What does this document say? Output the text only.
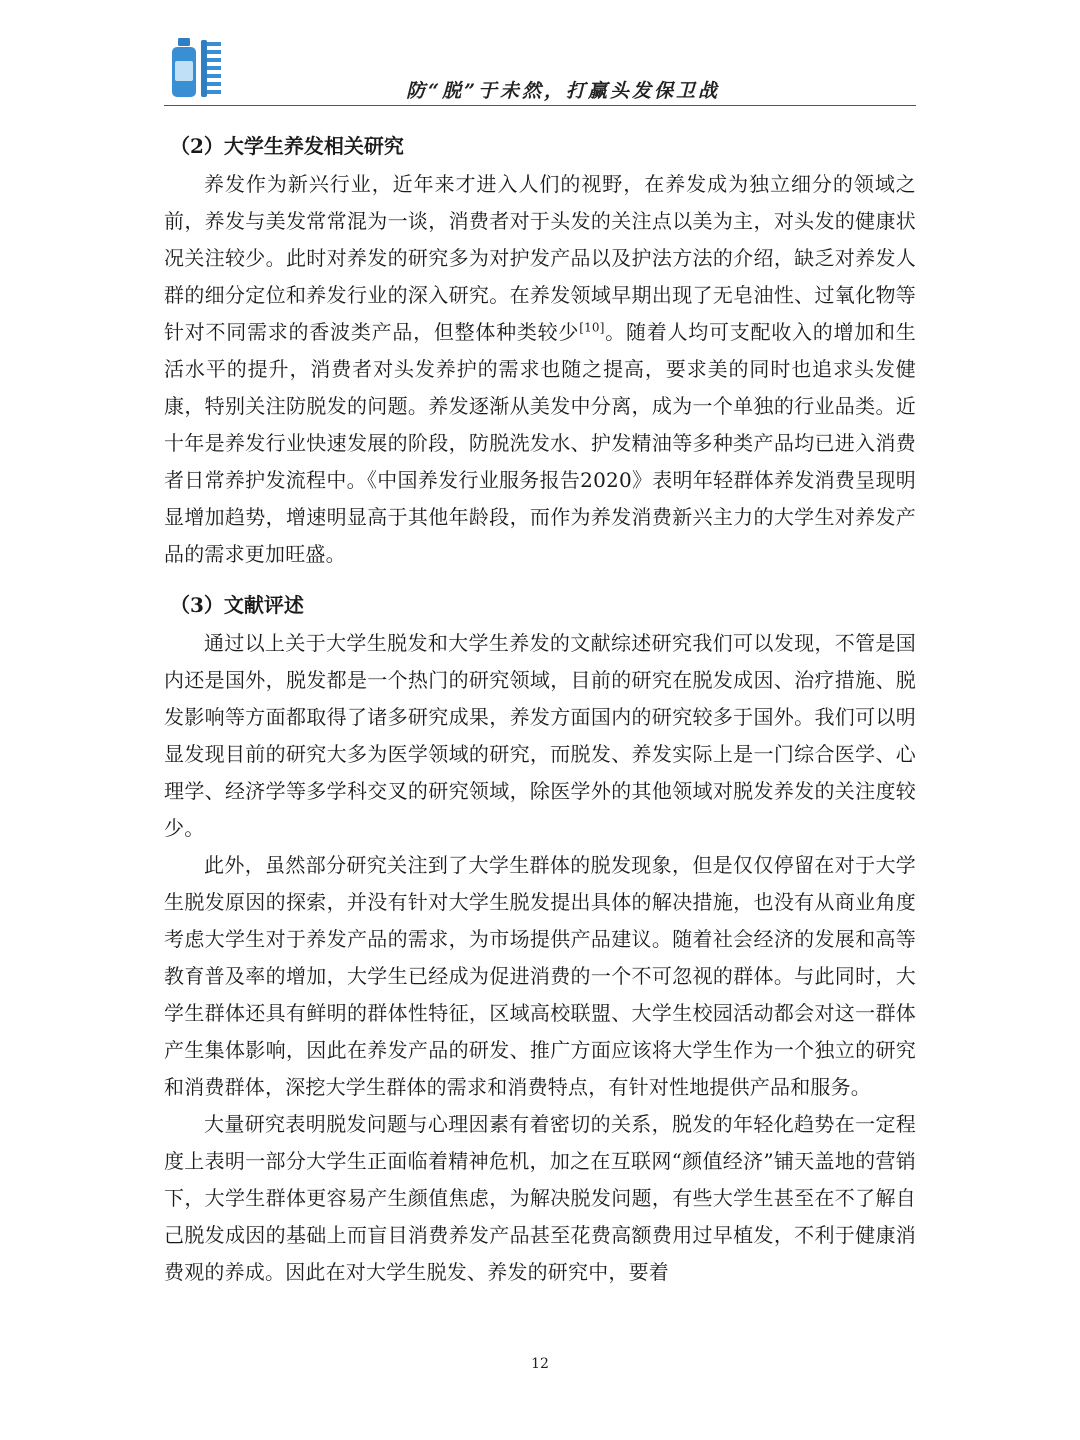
防“脱”于未然，打赢头发保卫战
（2）大学生养发相关研究

养发作为新兴行业，近年来才进入人们的视野，在养发成为独立细分的领域之前，养发与美发常常混为一谈，消费者对于头发的关注点以美为主，对头发的健康状况关注较少。此时对养发的研究多为对护发产品以及护法方法的介绍，缺乏对养发人群的细分定位和养发行业的深入研究。在养发领域早期出现了无皂油性、过氧化物等针对不同需求的香波类产品，但整体种类较少[10]。随着人均可支配收入的增加和生活水平的提升，消费者对头发养护的需求也随之提高，要求美的同时也追求头发健康，特别关注防脱发的问题。养发逐渐从美发中分离，成为一个单独的行业品类。近十年是养发行业快速发展的阶段，防脱洗发水、护发精油等多种类产品均已进入消费者日常养护发流程中。《中国养发行业服务报告2020》表明年轻群体养发消费呈现明显增加趋势，增速明显高于其他年龄段，而作为养发消费新兴主力的大学生对养发产品的需求更加旺盛。

（3）文献评述

通过以上关于大学生脱发和大学生养发的文献综述研究我们可以发现，不管是国内还是国外，脱发都是一个热门的研究领域，目前的研究在脱发成因、治疗措施、脱发影响等方面都取得了诸多研究成果，养发方面国内的研究较多于国外。我们可以明显发现目前的研究大多为医学领域的研究，而脱发、养发实际上是一门综合医学、心理学、经济学等多学科交叉的研究领域，除医学外的其他领域对脱发养发的关注度较少。

此外，虽然部分研究关注到了大学生群体的脱发现象，但是仅仅停留在对于大学生脱发原因的探索，并没有针对大学生脱发提出具体的解决措施，也没有从商业角度考虑大学生对于养发产品的需求，为市场提供产品建议。随着社会经济的发展和高等教育普及率的增加，大学生已经成为促进消费的一个不可忽视的群体。与此同时，大学生群体还具有鲜明的群体性特征，区域高校联盟、大学生校园活动都会对这一群体产生集体影响，因此在养发产品的研发、推广方面应该将大学生作为一个独立的研究和消费群体，深挖大学生群体的需求和消费特点，有针对性地提供产品和服务。

大量研究表明脱发问题与心理因素有着密切的关系，脱发的年轻化趋势在一定程度上表明一部分大学生正面临着精神危机，加之在互联网“颜值经济”铺天盖地的营销下，大学生群体更容易产生颜值焦虑，为解决脱发问题，有些大学生甚至在不了解自己脱发成因的基础上而盲目消费养发产品甚至花费高额费用过早植发，不利于健康消费观的养成。因此在对大学生脱发、养发的研究中，要着

12
